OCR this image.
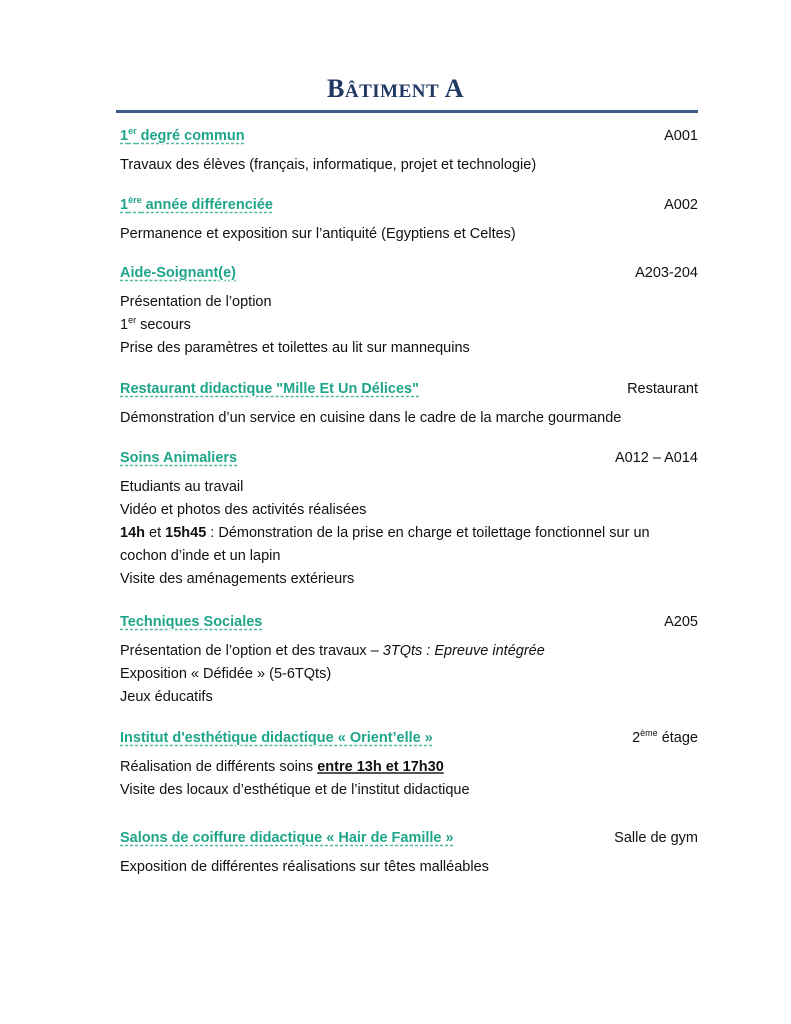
BÂTIMENT A
1er degré commun	A001
Travaux des élèves (français, informatique, projet et technologie)
1ère année différenciée	A002
Permanence et exposition sur l’antiquité (Egyptiens et Celtes)
Aide-Soignant(e)	A203-204
Présentation de l’option
1er secours
Prise des paramètres et toilettes au lit sur mannequins
Restaurant didactique "Mille Et Un Délices"	Restaurant
Démonstration d’un service en cuisine dans le cadre de la marche gourmande
Soins Animaliers	A012 – A014
Etudiants au travail
Vidéo et photos des activités réalisées
14h et 15h45 : Démonstration de la prise en charge et toilettage fonctionnel sur un
cochon d’inde et un lapin
Visite des aménagements extérieurs
Techniques Sociales	A205
Présentation de l’option et des travaux – 3TQts : Epreuve intégrée
Exposition « Défidée » (5-6TQts)
Jeux éducatifs
Institut d'esthétique didactique « Orient’elle »	2ème étage
Réalisation de différents soins entre 13h et 17h30
Visite des locaux d’esthétique et de l’institut didactique
Salons de coiffure didactique « Hair de Famille »	Salle de gym
Exposition de différentes réalisations sur têtes malléables
